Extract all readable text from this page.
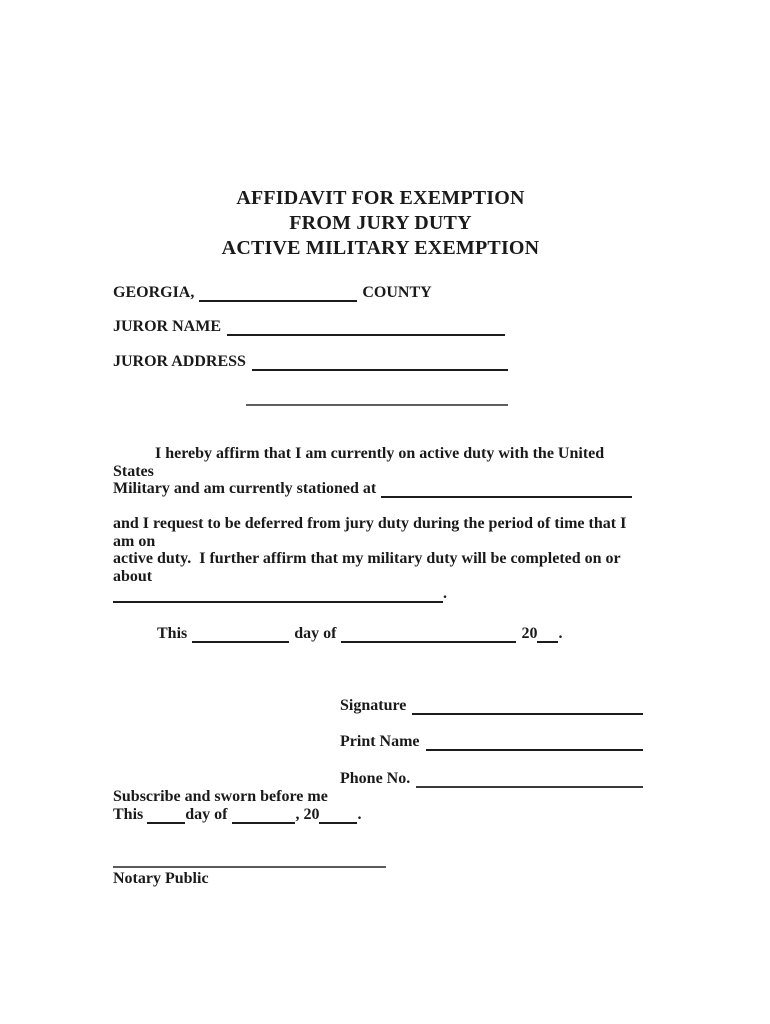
AFFIDAVIT FOR EXEMPTION
FROM JURY DUTY
ACTIVE MILITARY EXEMPTION
GEORGIA,	COUNTY
JUROR NAME
JUROR ADDRESS
I hereby affirm that I am currently on active duty with the United States
Military and am currently stationed at
and I request to be deferred from jury duty during the period of time that I am on
active duty.  I further affirm that my military duty will be completed on or about
.
This	day of	20 .
Signature
Print Name
Phone No.
Subscribe and sworn before me
This	day of	, 20 .
Notary Public
